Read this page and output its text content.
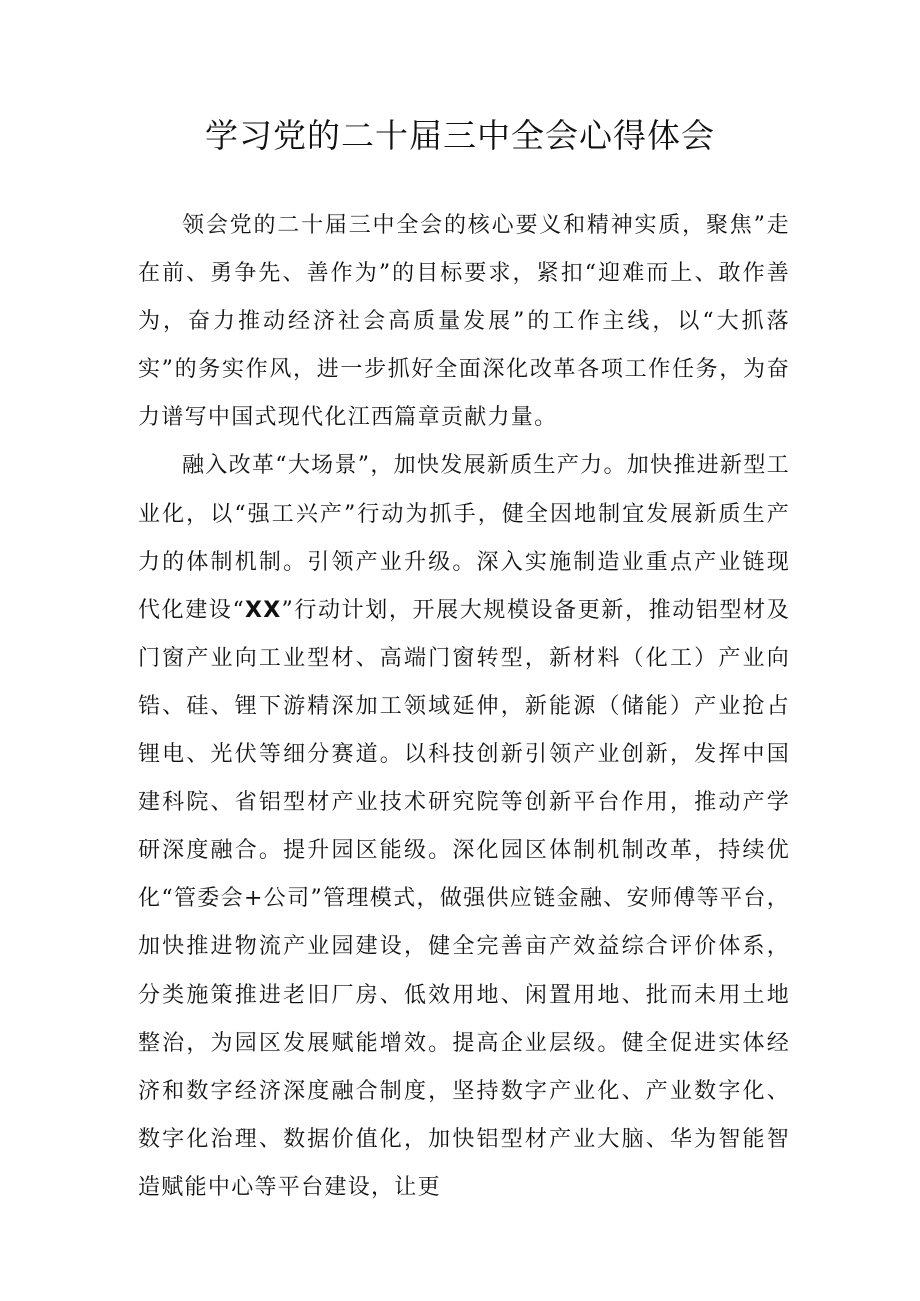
学习党的二十届三中全会心得体会

领会党的二十届三中全会的核心要义和精神实质，聚焦”走在前、勇争先、善作为”的目标要求，紧扣“迎难而上、敢作善为，奋力推动经济社会高质量发展”的工作主线，以“大抓落实”的务实作风，进一步抓好全面深化改革各项工作任务，为奋力谱写中国式现代化江西篇章贡献力量。

融入改革“大场景”，加快发展新质生产力。加快推进新型工业化，以“强工兴产”行动为抓手，健全因地制宜发展新质生产力的体制机制。引领产业升级。深入实施制造业重点产业链现代化建设“XX”行动计划，开展大规模设备更新，推动铝型材及门窗产业向工业型材、高端门窗转型，新材料（化工）产业向锆、硅、锂下游精深加工领域延伸，新能源（储能）产业抢占锂电、光伏等细分赛道。以科技创新引领产业创新，发挥中国建科院、省铝型材产业技术研究院等创新平台作用，推动产学研深度融合。提升园区能级。深化园区体制机制改革，持续优化“管委会+公司”管理模式，做强供应链金融、安师傅等平台，加快推进物流产业园建设，健全完善亩产效益综合评价体系，分类施策推进老旧厂房、低效用地、闲置用地、批而未用土地整治，为园区发展赋能增效。提高企业层级。健全促进实体经济和数字经济深度融合制度，坚持数字产业化、产业数字化、数字化治理、数据价值化，加快铝型材产业大脑、华为智能智造赋能中心等平台建设，让更
